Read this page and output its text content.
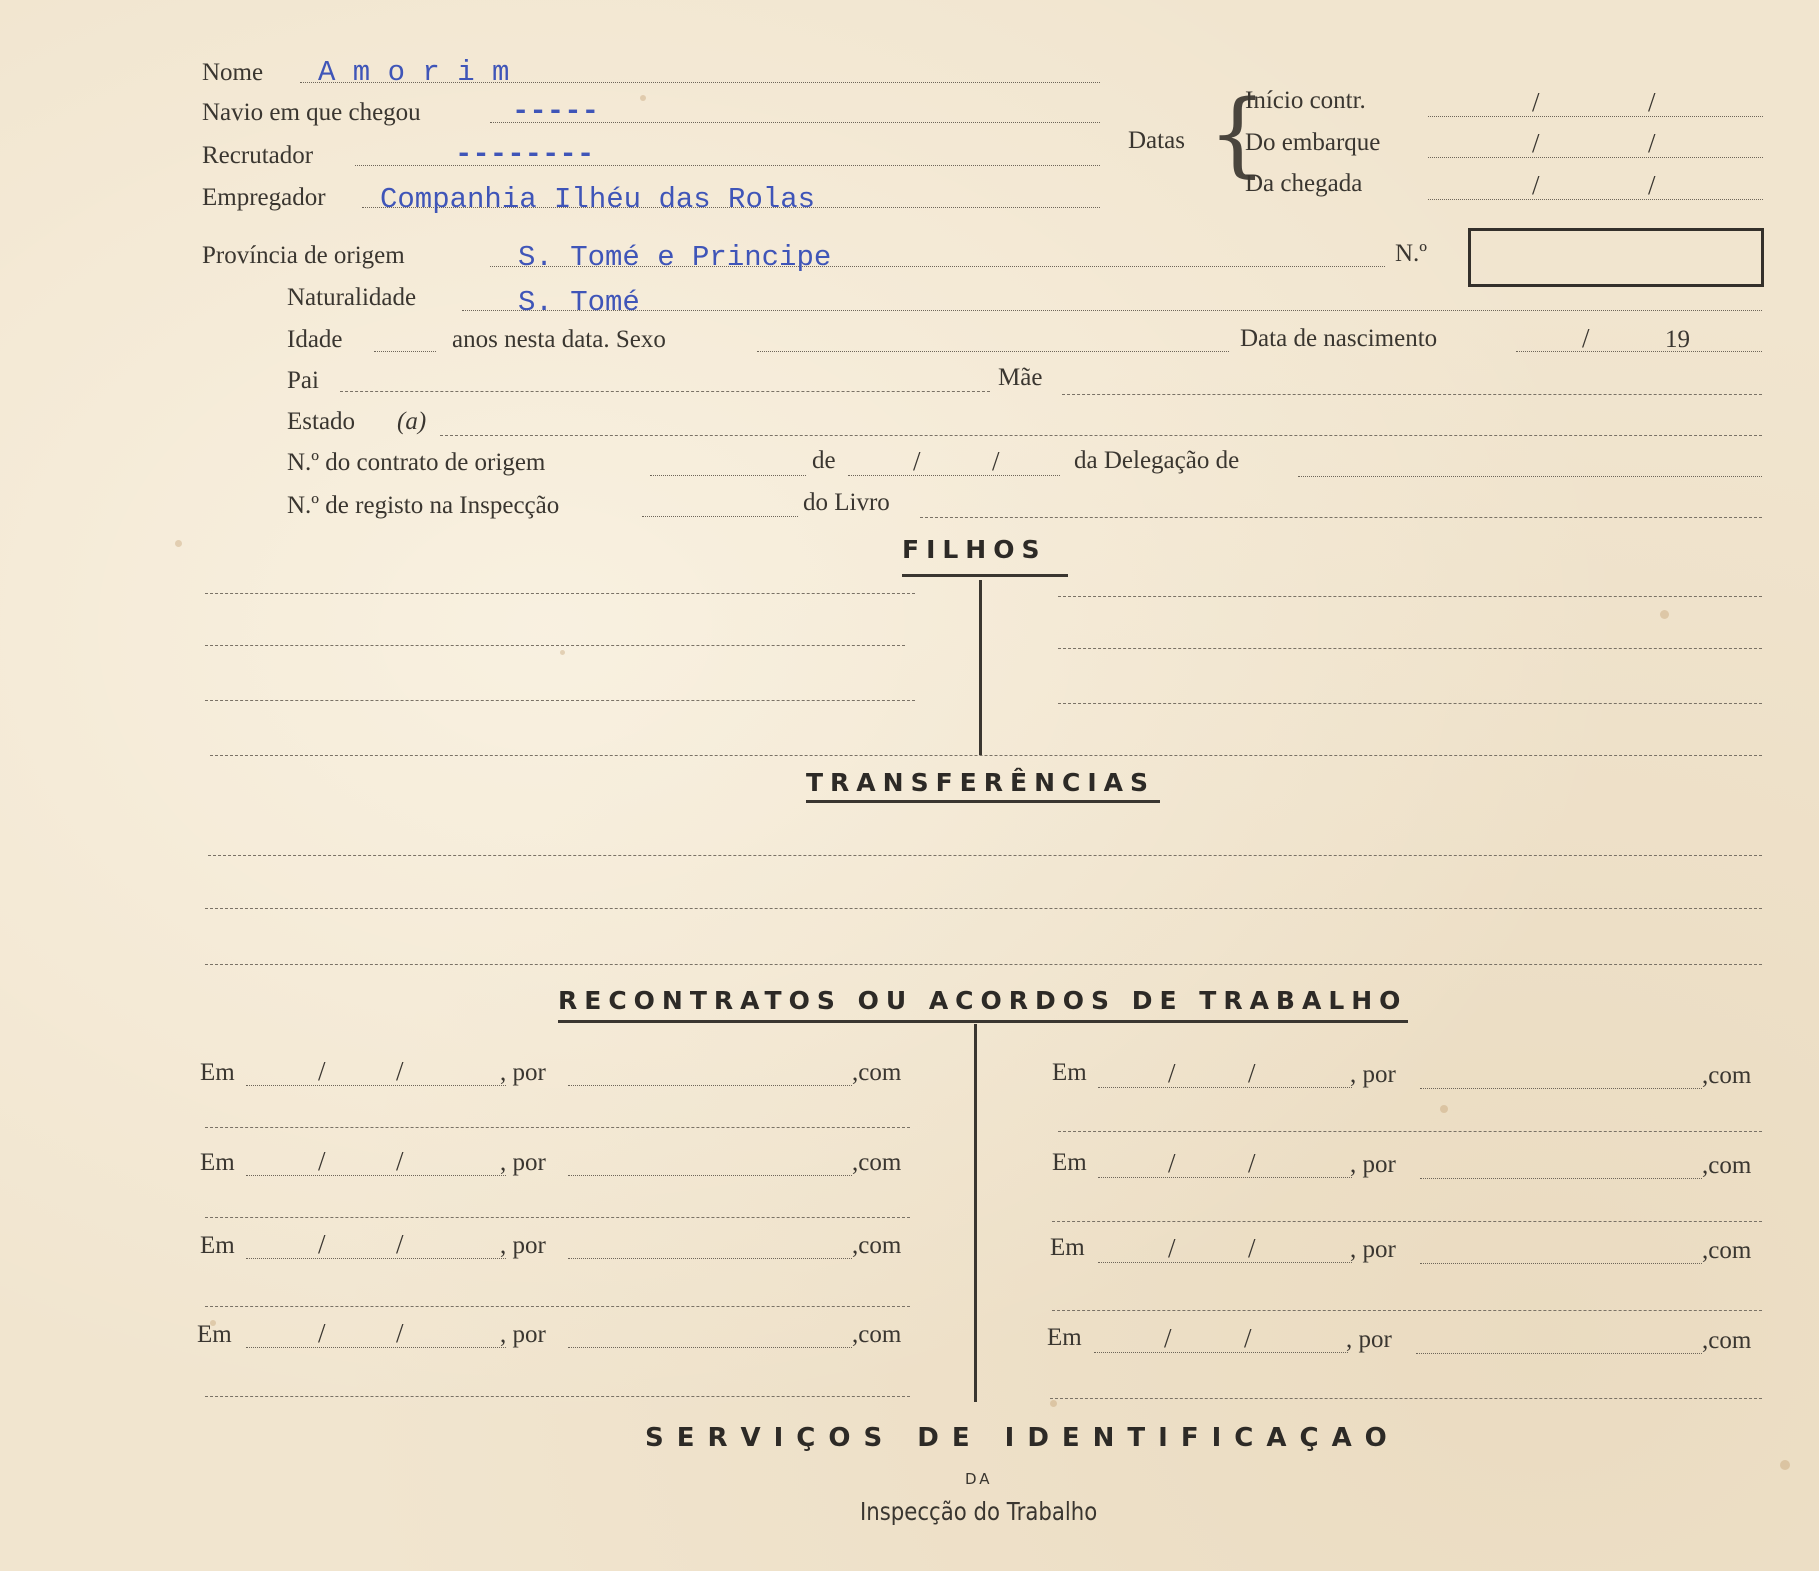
Nome A m o r i m
Navio em que chegou	-----
Recrutador	--------
Empregador Companhia Ilhéu das Rolas
Datas {
Início contr.	/	/
Do embarque	/	/
Da chegada	/	/
Província de origem	S. Tomé e Principe	N.º
Naturalidade	S. Tomé
Idade	anos nesta data. Sexo	Data de nascimento	/	19
Pai	Mãe
Estado (a)
N.º do contrato de origem	de	/	/	da Delegação de
N.º de registo na Inspecção	do Livro
FILHOS
TRANSFERÊNCIAS
RECONTRATOS OU ACORDOS DE TRABALHO
Em	/	/	, por	,com
Em	/	/	, por	,com
Em	/	/	, por	,com
Em	/	/	, por	,com
Em	/	/	, por	,com
Em	/	/	, por	,com
Em	/	/	, por	,com
Em	/	/	, por	,com
SERVIÇOS DE IDENTIFICAÇAO
DA
Inspecção do Trabalho
